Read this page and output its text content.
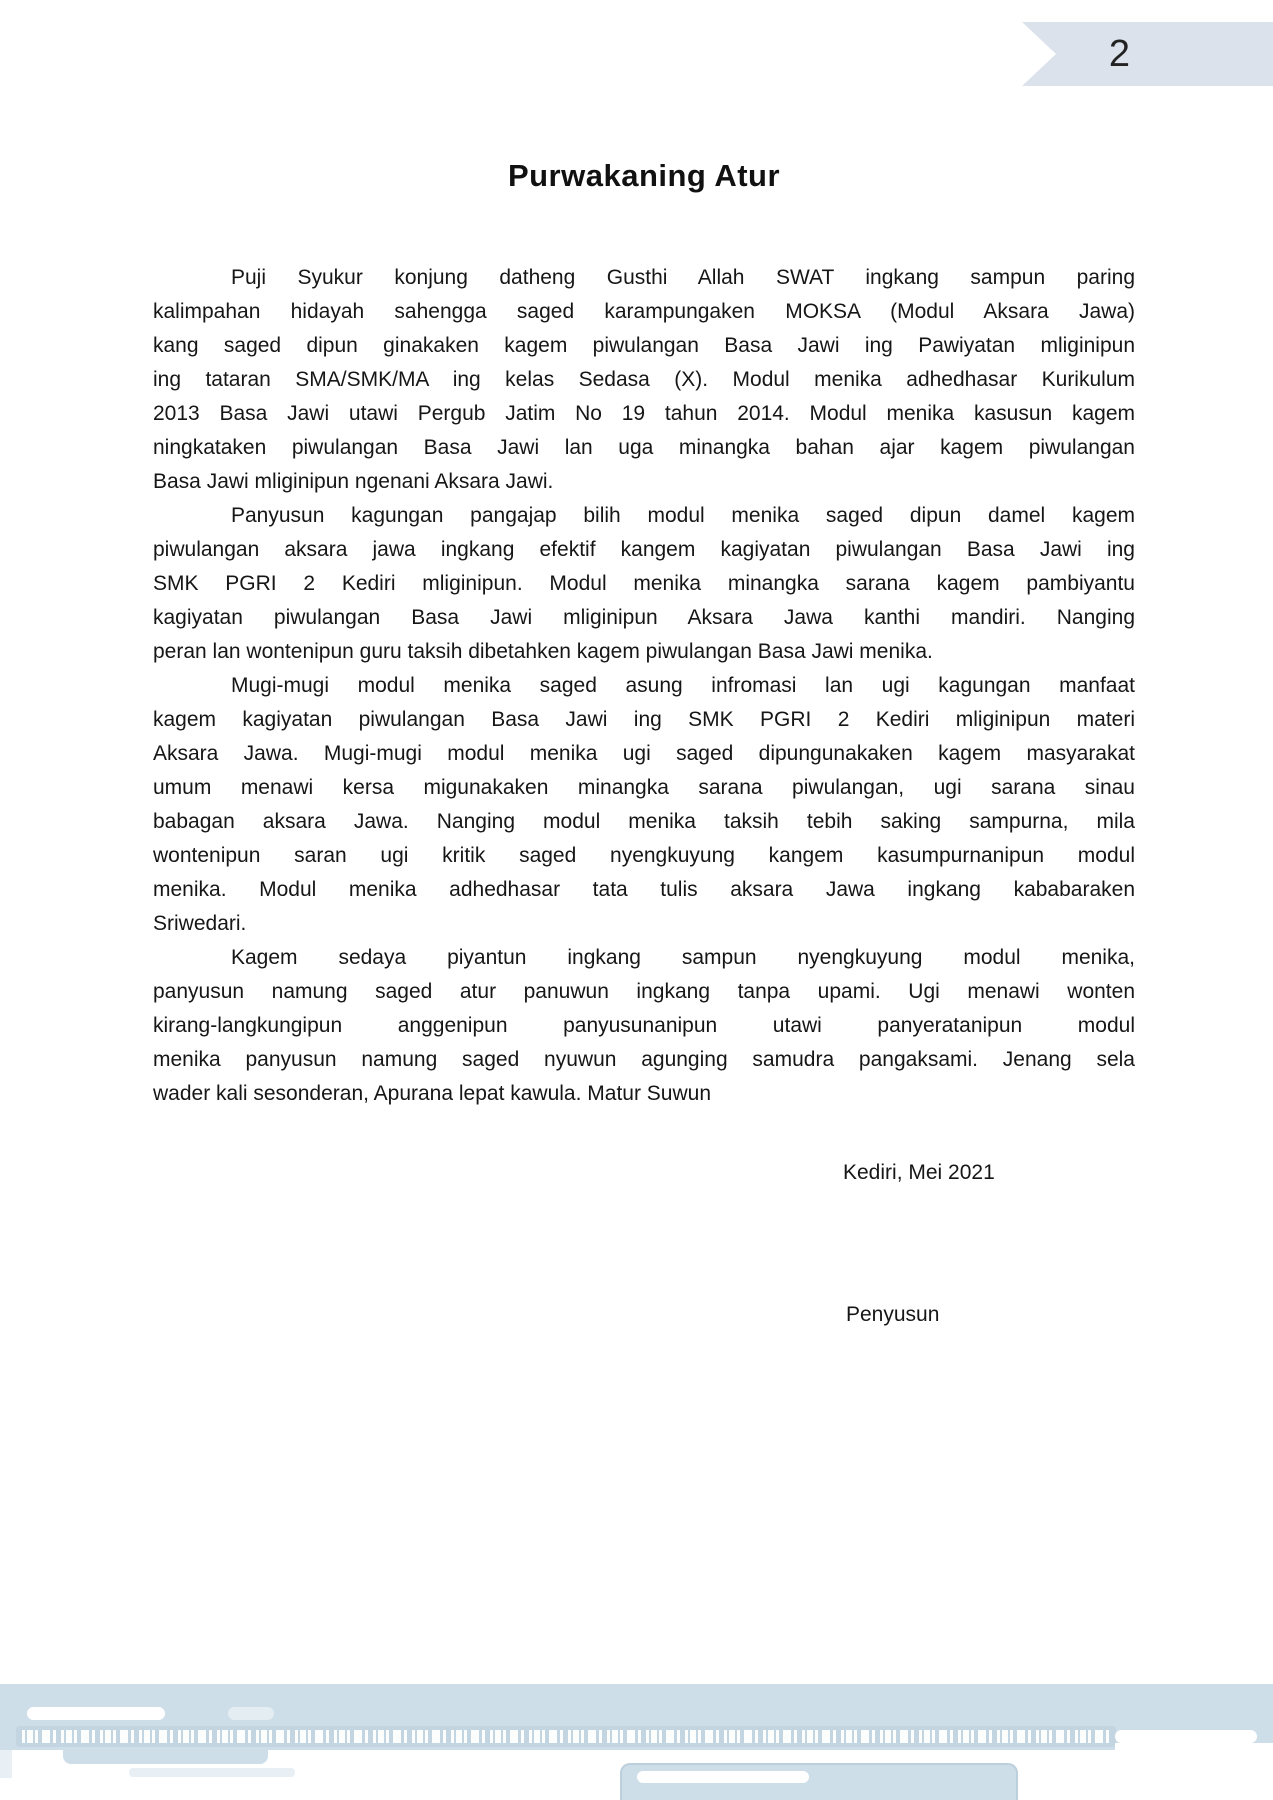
2
Purwakaning Atur
Puji Syukur konjung datheng Gusthi Allah SWAT ingkang sampun paring
kalimpahan hidayah sahengga saged karampungaken MOKSA (Modul Aksara Jawa)
kang saged dipun ginakaken kagem piwulangan Basa Jawi ing Pawiyatan mliginipun
ing tataran SMA/SMK/MA ing kelas Sedasa (X). Modul menika adhedhasar Kurikulum
2013 Basa Jawi utawi Pergub Jatim No 19 tahun 2014. Modul menika kasusun kagem
ningkataken piwulangan Basa Jawi lan uga minangka bahan ajar kagem piwulangan
Basa Jawi mliginipun ngenani Aksara Jawi.
Panyusun kagungan pangajap bilih modul menika saged dipun damel kagem
piwulangan aksara jawa ingkang efektif kangem kagiyatan piwulangan Basa Jawi ing
SMK PGRI 2 Kediri mliginipun. Modul menika minangka sarana kagem pambiyantu
kagiyatan piwulangan Basa Jawi mliginipun Aksara Jawa kanthi mandiri. Nanging
peran lan wontenipun guru taksih dibetahken kagem piwulangan Basa Jawi menika.
Mugi-mugi modul menika saged asung infromasi lan ugi kagungan manfaat
kagem kagiyatan piwulangan Basa Jawi ing SMK PGRI 2 Kediri mliginipun materi
Aksara Jawa. Mugi-mugi modul menika ugi saged dipungunakaken kagem masyarakat
umum menawi kersa migunakaken minangka sarana piwulangan, ugi sarana sinau
babagan aksara Jawa. Nanging modul menika taksih tebih saking sampurna, mila
wontenipun saran ugi kritik saged nyengkuyung kangem kasumpurnanipun modul
menika. Modul menika adhedhasar tata tulis aksara Jawa ingkang kababaraken
Sriwedari.
Kagem sedaya piyantun ingkang sampun nyengkuyung modul menika,
panyusun namung saged atur panuwun ingkang tanpa upami. Ugi menawi wonten
kirang-langkungipun anggenipun panyusunanipun utawi panyeratanipun modul
menika panyusun namung saged nyuwun agunging samudra pangaksami. Jenang sela
wader kali sesonderan, Apurana lepat kawula. Matur Suwun
Kediri, Mei 2021
Penyusun
